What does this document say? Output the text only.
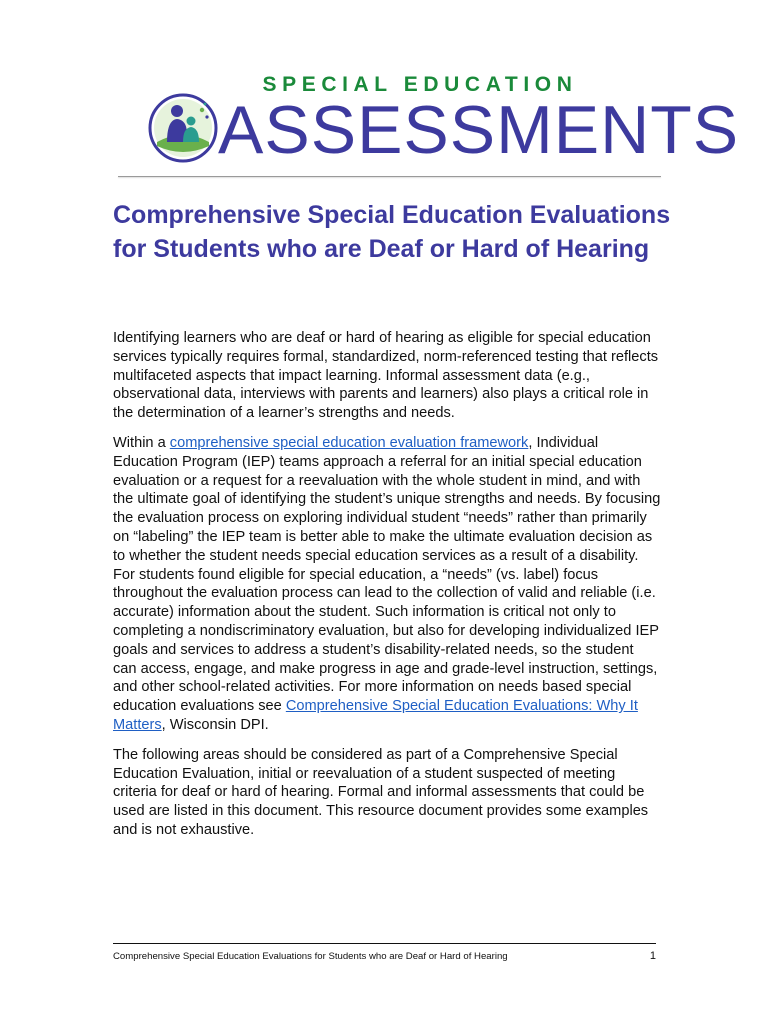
SPECIAL EDUCATION
ASSESSMENTS
Comprehensive Special Education Evaluations for Students who are Deaf or Hard of Hearing

Identifying learners who are deaf or hard of hearing as eligible for special education services typically requires formal, standardized, norm-referenced testing that reflects multifaceted aspects that impact learning. Informal assessment data (e.g., observational data, interviews with parents and learners) also plays a critical role in the determination of a learner’s strengths and needs.

Within a comprehensive special education evaluation framework, Individual Education Program (IEP) teams approach a referral for an initial special education evaluation or a request for a reevaluation with the whole student in mind, and with the ultimate goal of identifying the student’s unique strengths and needs. By focusing the evaluation process on exploring individual student “needs” rather than primarily on “labeling” the IEP team is better able to make the ultimate evaluation decision as to whether the student needs special education services as a result of a disability. For students found eligible for special education, a “needs” (vs. label) focus throughout the evaluation process can lead to the collection of valid and reliable (i.e. accurate) information about the student. Such information is critical not only to completing a nondiscriminatory evaluation, but also for developing individualized IEP goals and services to address a student’s disability-related needs, so the student can access, engage, and make progress in age and grade-level instruction, settings, and other school-related activities. For more information on needs based special education evaluations see Comprehensive Special Education Evaluations: Why It Matters, Wisconsin DPI.

The following areas should be considered as part of a Comprehensive Special Education Evaluation, initial or reevaluation of a student suspected of meeting criteria for deaf or hard of hearing. Formal and informal assessments that could be used are listed in this document. This resource document provides some examples and is not exhaustive.

Comprehensive Special Education Evaluations for Students who are Deaf or Hard of Hearing	1
